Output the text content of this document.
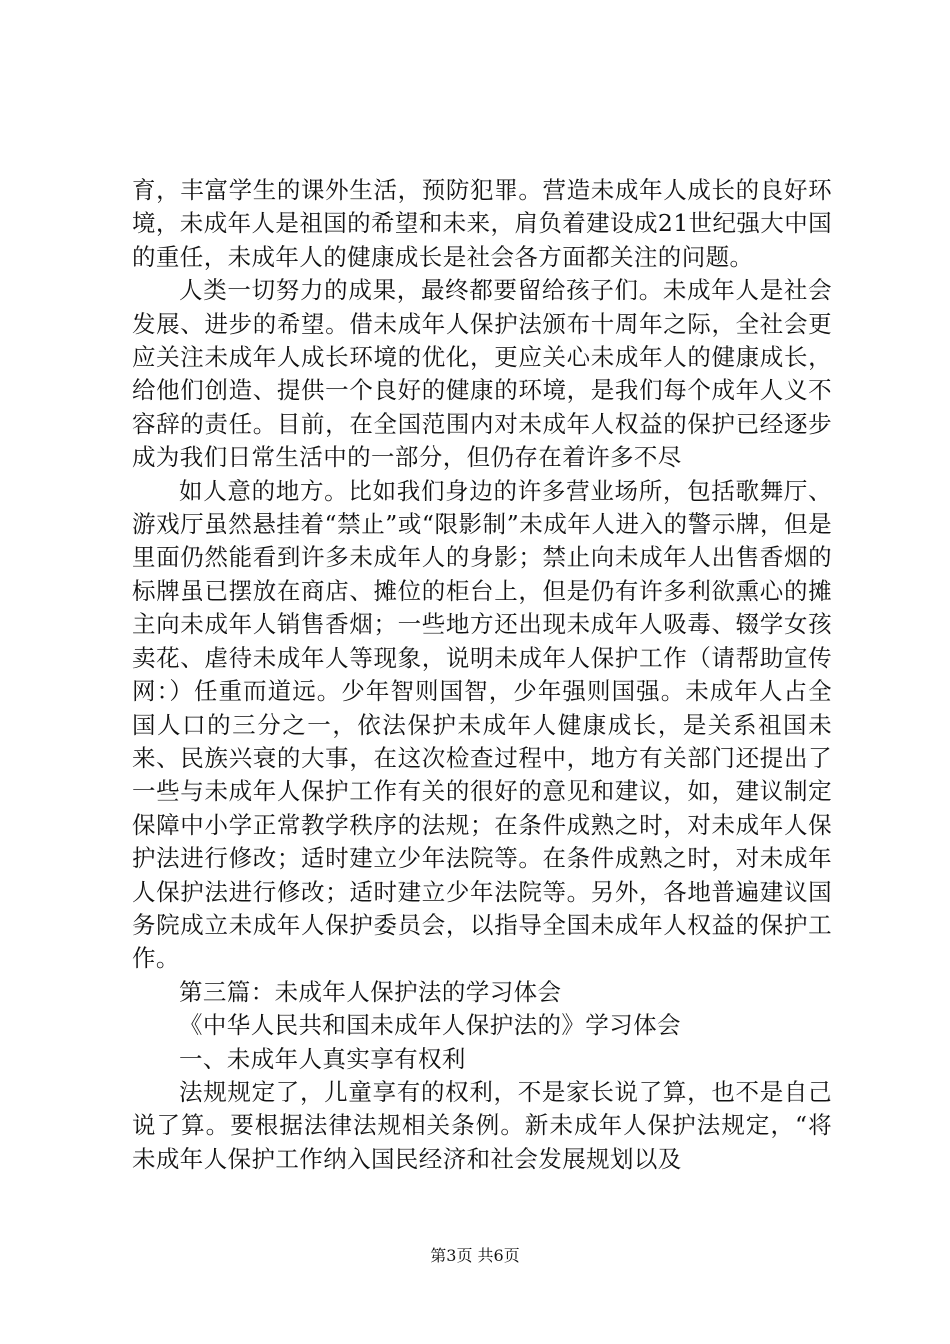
育，丰富学生的课外生活，预防犯罪。营造未成年人成长的良好环境，未成年人是祖国的希望和未来，肩负着建设成21世纪强大中国的重任，未成年人的健康成长是社会各方面都关注的问题。

人类一切努力的成果，最终都要留给孩子们。未成年人是社会发展、进步的希望。借未成年人保护法颁布十周年之际，全社会更应关注未成年人成长环境的优化，更应关心未成年人的健康成长，给他们创造、提供一个良好的健康的环境，是我们每个成年人义不容辞的责任。目前，在全国范围内对未成年人权益的保护已经逐步成为我们日常生活中的一部分，但仍存在着许多不尽

如人意的地方。比如我们身边的许多营业场所，包括歌舞厅、游戏厅虽然悬挂着“禁止”或“限影制”未成年人进入的警示牌，但是里面仍然能看到许多未成年人的身影；禁止向未成年人出售香烟的标牌虽已摆放在商店、摊位的柜台上，但是仍有许多利欲熏心的摊主向未成年人销售香烟；一些地方还出现未成年人吸毒、辍学女孩卖花、虐待未成年人等现象，说明未成年人保护工作（请帮助宣传网：）任重而道远。少年智则国智，少年强则国强。未成年人占全国人口的三分之一，依法保护未成年人健康成长，是关系祖国未来、民族兴衰的大事，在这次检查过程中，地方有关部门还提出了一些与未成年人保护工作有关的很好的意见和建议，如，建议制定保障中小学正常教学秩序的法规；在条件成熟之时，对未成年人保护法进行修改；适时建立少年法院等。在条件成熟之时，对未成年人保护法进行修改；适时建立少年法院等。另外，各地普遍建议国务院成立未成年人保护委员会，以指导全国未成年人权益的保护工作。

第三篇：未成年人保护法的学习体会

《中华人民共和国未成年人保护法的》学习体会

一、未成年人真实享有权利

法规规定了，儿童享有的权利，不是家长说了算，也不是自己说了算。要根据法律法规相关条例。新未成年人保护法规定，“将未成年人保护工作纳入国民经济和社会发展规划以及

第3页 共6页
